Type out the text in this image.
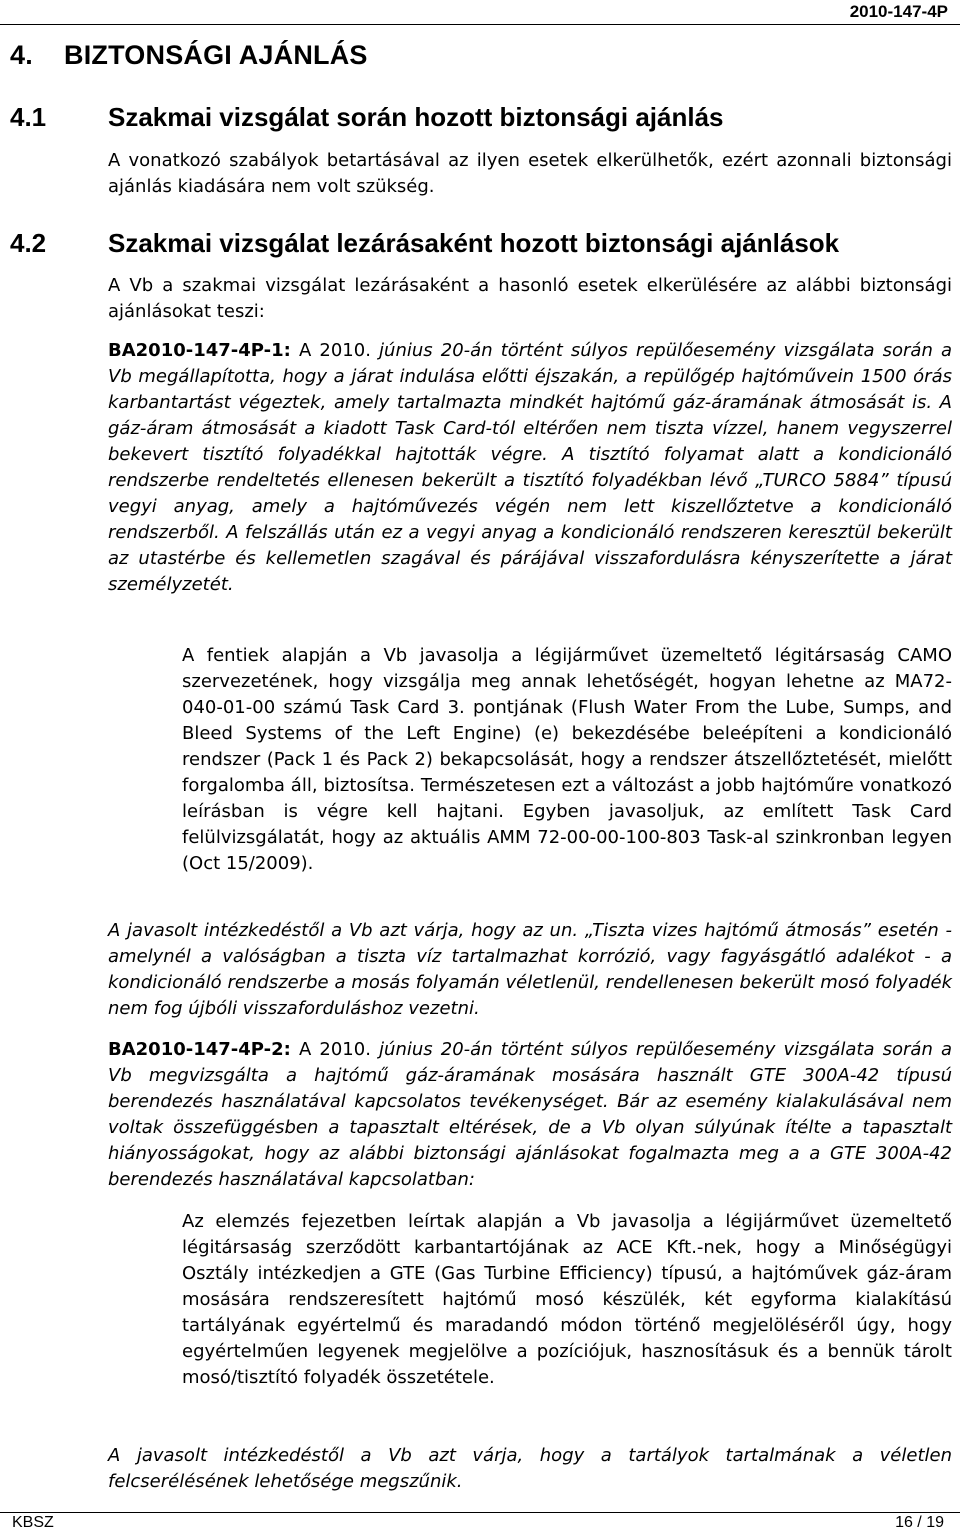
2010-147-4P
4. BIZTONSÁGI AJÁNLÁS
4.1 Szakmai vizsgálat során hozott biztonsági ajánlás

A vonatkozó szabályok betartásával az ilyen esetek elkerülhetők, ezért azonnali biztonsági ajánlás kiadására nem volt szükség.

4.2 Szakmai vizsgálat lezárásaként hozott biztonsági ajánlások

A Vb a szakmai vizsgálat lezárásaként a hasonló esetek elkerülésére az alábbi biztonsági ajánlásokat teszi:

BA2010-147-4P-1: A 2010. június 20-án történt súlyos repülőesemény vizsgálata során a Vb megállapította, hogy a járat indulása előtti éjszakán, a repülőgép hajtóművein 1500 órás karbantartást végeztek, amely tartalmazta mindkét hajtómű gáz-áramának átmosását is. A gáz-áram átmosását a kiadott Task Card-tól eltérően nem tiszta vízzel, hanem vegyszerrel bekevert tisztító folyadékkal hajtották végre. A tisztító folyamat alatt a kondicionáló rendszerbe rendeltetés ellenesen bekerült a tisztító folyadékban lévő „TURCO 5884” típusú vegyi anyag, amely a hajtóművezés végén nem lett kiszellőztetve a kondicionáló rendszerből. A felszállás után ez a vegyi anyag a kondicionáló rendszeren keresztül bekerült az utastérbe és kellemetlen szagával és párájával visszafordulásra kényszerítette a járat személyzetét.

A fentiek alapján a Vb javasolja a légijárművet üzemeltető légitársaság CAMO szervezetének, hogy vizsgálja meg annak lehetőségét, hogyan lehetne az MA72-040-01-00 számú Task Card 3. pontjának (Flush Water From the Lube, Sumps, and Bleed Systems of the Left Engine) (e) bekezdésébe beleépíteni a kondicionáló rendszer (Pack 1 és Pack 2) bekapcsolását, hogy a rendszer átszellőztetését, mielőtt forgalomba áll, biztosítsa. Természetesen ezt a változást a jobb hajtóműre vonatkozó leírásban is végre kell hajtani. Egyben javasoljuk, az említett Task Card felülvizsgálatát, hogy az aktuális AMM 72-00-00-100-803 Task-al szinkronban legyen (Oct 15/2009).

A javasolt intézkedéstől a Vb azt várja, hogy az un. „Tiszta vizes hajtómű átmosás” esetén - amelynél a valóságban a tiszta víz tartalmazhat korrózió, vagy fagyásgátló adalékot - a kondicionáló rendszerbe a mosás folyamán véletlenül, rendellenesen bekerült mosó folyadék nem fog újbóli visszaforduláshoz vezetni.

BA2010-147-4P-2: A 2010. június 20-án történt súlyos repülőesemény vizsgálata során a Vb megvizsgálta a hajtómű gáz-áramának mosására használt GTE 300A-42 típusú berendezés használatával kapcsolatos tevékenységet. Bár az esemény kialakulásával nem voltak összefüggésben a tapasztalt eltérések, de a Vb olyan súlyúnak ítélte a tapasztalt hiányosságokat, hogy az alábbi biztonsági ajánlásokat fogalmazta meg a a GTE 300A-42 berendezés használatával kapcsolatban:

Az elemzés fejezetben leírtak alapján a Vb javasolja a légijárművet üzemeltető légitársaság szerződött karbantartójának az ACE Kft.-nek, hogy a Minőségügyi Osztály intézkedjen a GTE (Gas Turbine Efficiency) típusú, a hajtóművek gáz-áram mosására rendszeresített hajtómű mosó készülék, két egyforma kialakítású tartályának egyértelmű és maradandó módon történő megjelöléséről úgy, hogy egyértelműen legyenek megjelölve a pozíciójuk, hasznosításuk és a bennük tárolt mosó/tisztító folyadék összetétele.

A javasolt intézkedéstől a Vb azt várja, hogy a tartályok tartalmának a véletlen felcserélésének lehetősége megszűnik.

KBSZ	16 / 19
